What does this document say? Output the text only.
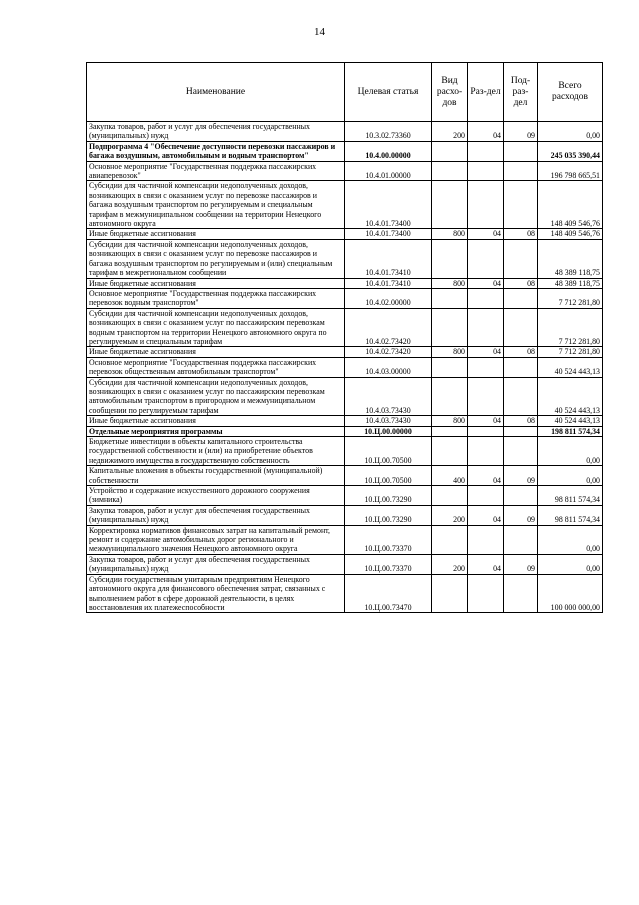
14
Наименование	Целевая статья	Вид расхо-дов	Раз-дел	Под-раз-дел	Всего расходов
Закупка товаров, работ и услуг для обеспечения государственных (муниципальных) нужд	10.3.02.73360	200	04	09	0,00
Подпрограмма 4 "Обеспечение доступности перевозки пассажиров и багажа воздушным, автомобильным и водным транспортом"	10.4.00.00000				245 035 390,44
Основное мероприятие "Государственная поддержка пассажирских авиаперевозок"	10.4.01.00000				196 798 665,51
Субсидии для частичной компенсации недополученных доходов, возникающих в связи с оказанием услуг по перевозке пассажиров и багажа воздушным транспортом по регулируемым и специальным тарифам в межмуниципальном сообщении на территории Ненецкого автономного округа	10.4.01.73400				148 409 546,76
Иные бюджетные ассигнования	10.4.01.73400	800	04	08	148 409 546,76
Субсидии для частичной компенсации недополученных доходов, возникающих в связи с оказанием услуг по перевозке пассажиров и багажа воздушным транспортом по регулируемым и (или) специальным тарифам в межрегиональном сообщении	10.4.01.73410				48 389 118,75
Иные бюджетные ассигнования	10.4.01.73410	800	04	08	48 389 118,75
Основное мероприятие "Государственная поддержка пассажирских перевозок водным транспортом"	10.4.02.00000				7 712 281,80
Субсидии для частичной компенсации недополученных доходов, возникающих в связи с оказанием услуг по пассажирским перевозкам водным транспортом на территории Ненецкого автономного округа по регулируемым и специальным тарифам	10.4.02.73420				7 712 281,80
Иные бюджетные ассигнования	10.4.02.73420	800	04	08	7 712 281,80
Основное мероприятие "Государственная поддержка пассажирских перевозок общественным автомобильным транспортом"	10.4.03.00000				40 524 443,13
Субсидии для частичной компенсации недополученных доходов, возникающих в связи с оказанием услуг по пассажирским перевозкам автомобильным транспортом в пригородном и межмуниципальном сообщении по регулируемым тарифам	10.4.03.73430				40 524 443,13
Иные бюджетные ассигнования	10.4.03.73430	800	04	08	40 524 443,13
Отдельные мероприятия программы	10.Ц.00.00000				198 811 574,34
Бюджетные инвестиции в объекты капитального строительства государственной собственности и (или) на приобретение объектов недвижимого имущества в государственную собственность	10.Ц.00.70500				0,00
Капитальные вложения в объекты государственной (муниципальной) собственности	10.Ц.00.70500	400	04	09	0,00
Устройство и содержание искусственного дорожного сооружения (зимника)	10.Ц.00.73290				98 811 574,34
Закупка товаров, работ и услуг для обеспечения государственных (муниципальных) нужд	10.Ц.00.73290	200	04	09	98 811 574,34
Корректировка нормативов финансовых затрат на капитальный ремонт, ремонт и содержание автомобильных дорог регионального и межмуниципального значения Ненецкого автономного округа	10.Ц.00.73370				0,00
Закупка товаров, работ и услуг для обеспечения государственных (муниципальных) нужд	10.Ц.00.73370	200	04	09	0,00
Субсидии государственным унитарным предприятиям Ненецкого автономного округа для финансового обеспечения затрат, связанных с выполнением работ в сфере дорожной деятельности, в целях восстановления их платежеспособности	10.Ц.00.73470				100 000 000,00
